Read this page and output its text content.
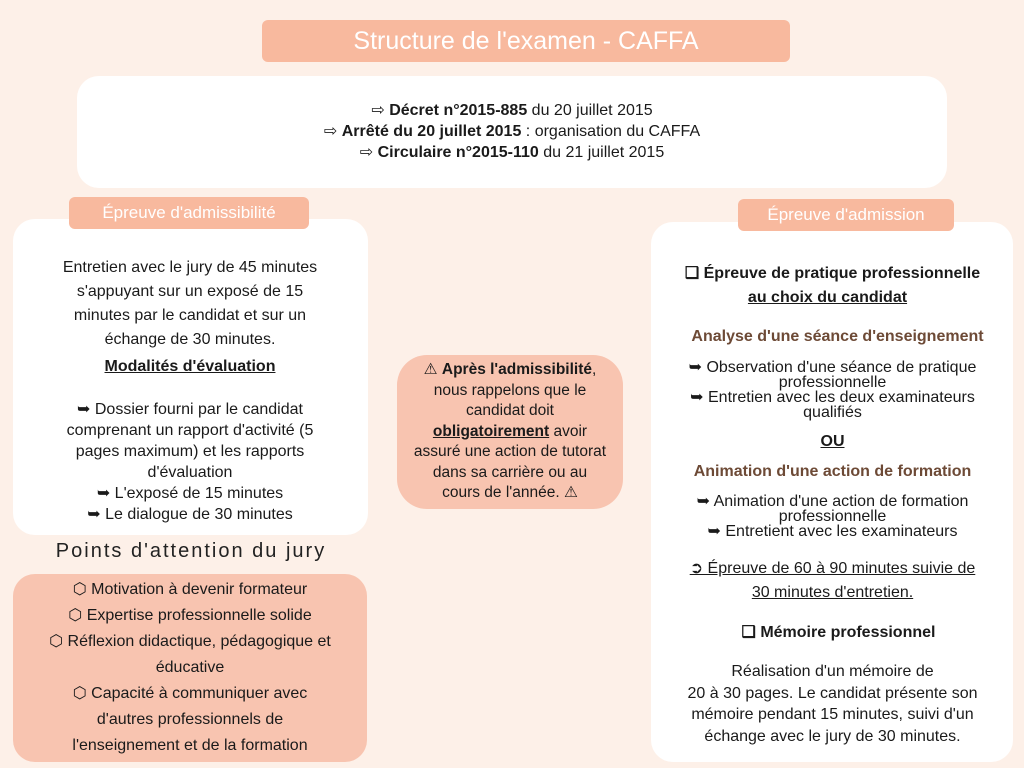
Structure de l'examen - CAFFA
⇨ Décret n°2015-885 du 20 juillet 2015
⇨ Arrêté du 20 juillet 2015 : organisation du CAFFA
⇨ Circulaire n°2015-110 du 21 juillet 2015
Épreuve d'admissibilité
Entretien avec le jury de 45 minutes
s'appuyant sur un exposé de 15
minutes par le candidat et sur un
échange de 30 minutes.
Modalités d'évaluation
➥ Dossier fourni par le candidat
comprenant un rapport d'activité (5
pages maximum) et les rapports
d'évaluation
➥ L'exposé de 15 minutes
➥ Le dialogue de 30 minutes
⚠ Après l'admissibilité,
nous rappelons que le
candidat doit
obligatoirement avoir
assuré une action de tutorat
dans sa carrière ou au
cours de l'année. ⚠
Points d'attention du jury
⬡ Motivation à devenir formateur
⬡ Expertise professionnelle solide
⬡ Réflexion didactique, pédagogique et
éducative
⬡ Capacité à communiquer avec
d'autres professionnels de
l'enseignement et de la formation
Épreuve d'admission
❑ Épreuve de pratique professionnelle
au choix du candidat
Analyse d'une séance d'enseignement
➥ Observation d'une séance de pratique
professionnelle
➥ Entretien avec les deux examinateurs
qualifiés
OU
Animation d'une action de formation
➥ Animation d'une action de formation
professionnelle
➥ Entretient avec les examinateurs
➲ Épreuve de 60 à 90 minutes suivie de
30 minutes d'entretien.
❑ Mémoire professionnel
Réalisation d'un mémoire de
20 à 30 pages. Le candidat présente son
mémoire pendant 15 minutes, suivi d'un
échange avec le jury de 30 minutes.
